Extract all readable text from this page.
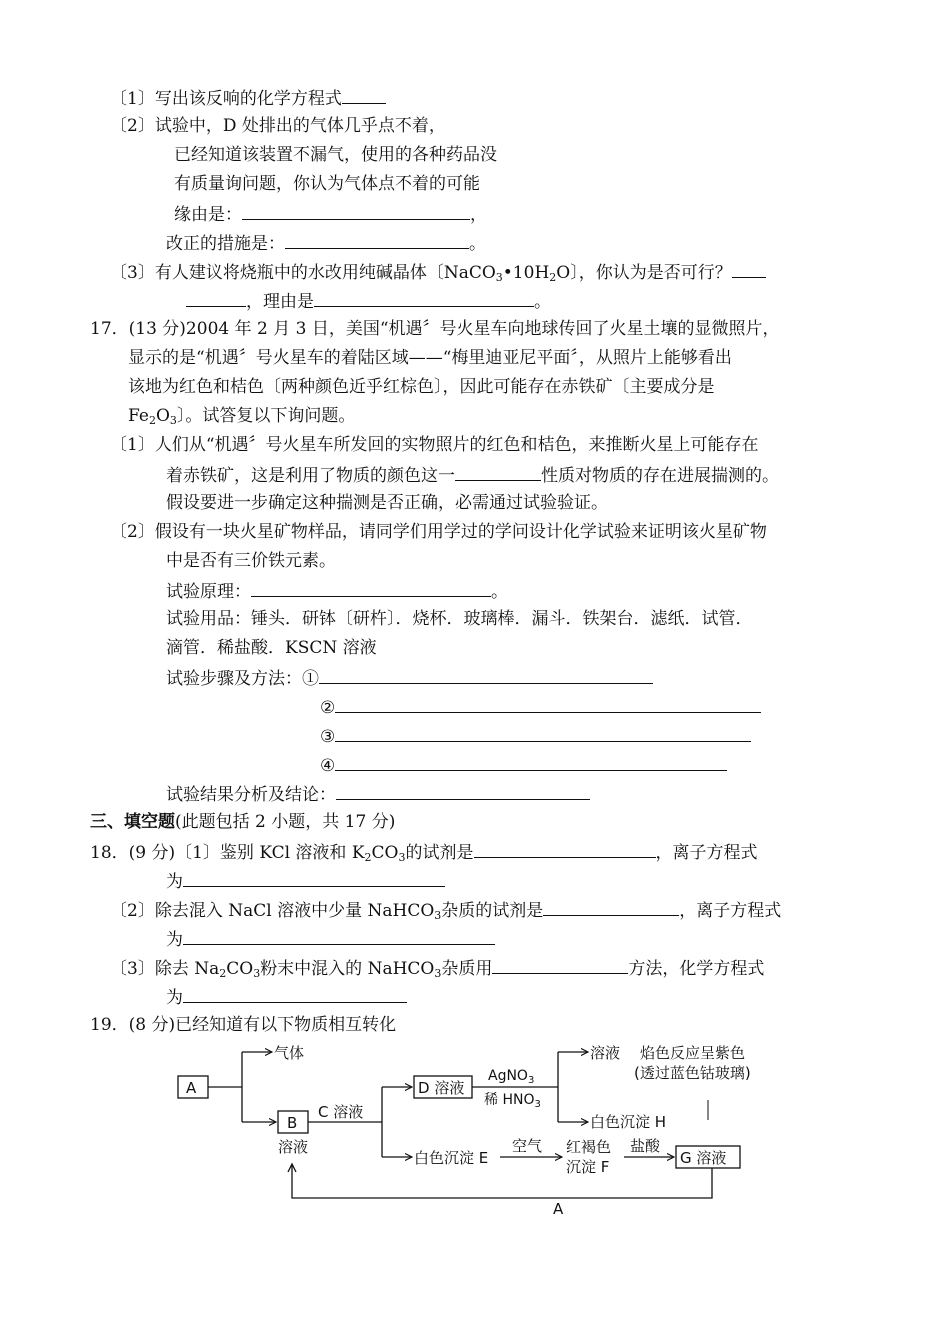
〔1〕写出该反响的化学方程式
〔2〕试验中，D 处排出的气体几乎点不着，
已经知道该装置不漏气，使用的各种药品没
有质量询问题，你认为气体点不着的可能
缘由是：	，
改正的措施是：	。
〔3〕有人建议将烧瓶中的水改用纯碱晶体〔$NaCO_3•10H_2O$〕，你认为是否可行？
，理由是	。
17．(13 分)2004 年 2 月 3 日，美国“机遇〞号火星车向地球传回了火星土壤的显微照片，
显示的是“机遇〞号火星车的着陆区域——“梅里迪亚尼平面〞，从照片上能够看出
该地为红色和桔色〔两种颜色近乎红棕色〕，因此可能存在赤铁矿〔主要成分是
$Fe_2O_3$〕。试答复以下询问题。
〔1〕人们从“机遇〞号火星车所发回的实物照片的红色和桔色，来推断火星上可能存在
着赤铁矿，这是利用了物质的颜色这一	性质对物质的存在进展揣测的。
假设要进一步确定这种揣测是否正确，必需通过试验验证。
〔2〕假设有一块火星矿物样品，请同学们用学过的学问设计化学试验来证明该火星矿物
中是否有三价铁元素。
试验原理：	。
试验用品：锤头．研钵〔研杵〕．烧杯．玻璃棒．漏斗．铁架台．滤纸．试管．
滴管．稀盐酸．KSCN 溶液
试验步骤及方法：①
②
③
④
试验结果分析及结论：
三、填空题(此题包括 2 小题，共 17 分)
18．(9 分)〔1〕鉴别 KCl 溶液和 $K_2CO_3$的试剂是	，离子方程式
为
〔2〕除去混入 NaCl 溶液中少量 NaHCO$_3$杂质的试剂是	，离子方程式
为
〔3〕除去 $Na_2CO_3$粉末中混入的 NaHCO$_3$杂质用	方法，化学方程式
为
19．(8 分)已经知道有以下物质相互转化
A
气体
B
溶液
C 溶液
D 溶液
AgNO$_3$
稀 $HNO_3$
溶液 焰色反应呈紫色
(透过蓝色钴玻璃)
白色沉淀 H
白色沉淀 E
空气 红褐色
沉淀 F
盐酸
G 溶液
A
